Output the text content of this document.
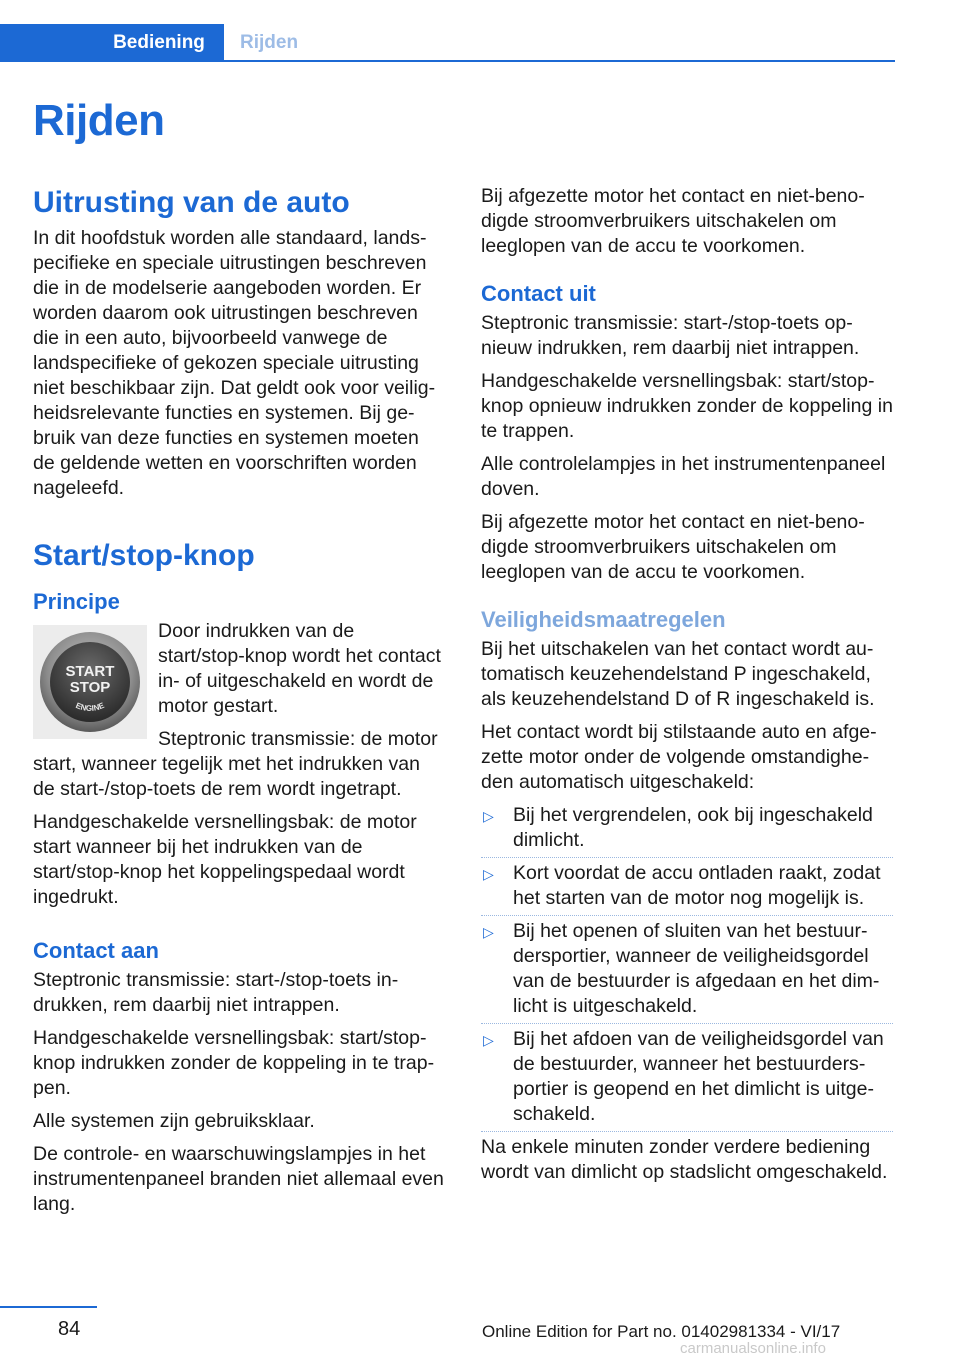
Bediening	Rijden
Rijden
Uitrusting van de auto

In dit hoofdstuk worden alle standaard, landspecifieke en speciale uitrustingen beschreven die in de modelserie aangeboden worden. Er worden daarom ook uitrustingen beschreven die in een auto, bijvoorbeeld vanwege de landspecifieke of gekozen speciale uitrusting niet beschikbaar zijn. Dat geldt ook voor veiligheidsrelevante functies en systemen. Bij gebruik van deze functies en systemen moeten de geldende wetten en voorschriften worden nageleefd.

Start/stop-knop
Principe
START
STOP
ENGINE

Door indrukken van de start/stop-knop wordt het contact in- of uitgeschakeld en wordt de motor gestart.

Steptronic transmissie: de motor start, wanneer tegelijk met het indrukken van de start-/stop-toets de rem wordt ingetrapt.

Handgeschakelde versnellingsbak: de motor start wanneer bij het indrukken van de start/stop-knop het koppelingspedaal wordt ingedrukt.

Contact aan

Steptronic transmissie: start-/stop-toets indrukken, rem daarbij niet intrappen.

Handgeschakelde versnellingsbak: start/stop-knop indrukken zonder de koppeling in te trappen.

Alle systemen zijn gebruiksklaar.

De controle- en waarschuwingslampjes in het instrumentenpaneel branden niet allemaal even lang.

Bij afgezette motor het contact en niet-benodigde stroomverbruikers uitschakelen om leeglopen van de accu te voorkomen.

Contact uit

Steptronic transmissie: start-/stop-toets opnieuw indrukken, rem daarbij niet intrappen.

Handgeschakelde versnellingsbak: start/stop-knop opnieuw indrukken zonder de koppeling in te trappen.

Alle controlelampjes in het instrumentenpaneel doven.

Bij afgezette motor het contact en niet-benodigde stroomverbruikers uitschakelen om leeglopen van de accu te voorkomen.

Veiligheidsmaatregelen

Bij het uitschakelen van het contact wordt automatisch keuzehendelstand P ingeschakeld, als keuzehendelstand D of R ingeschakeld is.

Het contact wordt bij stilstaande auto en afgezette motor onder de volgende omstandigheden automatisch uitgeschakeld:

▷ Bij het vergrendelen, ook bij ingeschakeld dimlicht.
▷ Kort voordat de accu ontladen raakt, zodat het starten van de motor nog mogelijk is.
▷ Bij het openen of sluiten van het bestuurdersportier, wanneer de veiligheidsgordel van de bestuurder is afgedaan en het dimlicht is uitgeschakeld.
▷ Bij het afdoen van de veiligheidsgordel van de bestuurder, wanneer het bestuurdersportier is geopend en het dimlicht is uitgeschakeld.

Na enkele minuten zonder verdere bediening wordt van dimlicht op stadslicht omgeschakeld.

84	Online Edition for Part no. 01402981334 - VI/17
carmanualsonline.info
